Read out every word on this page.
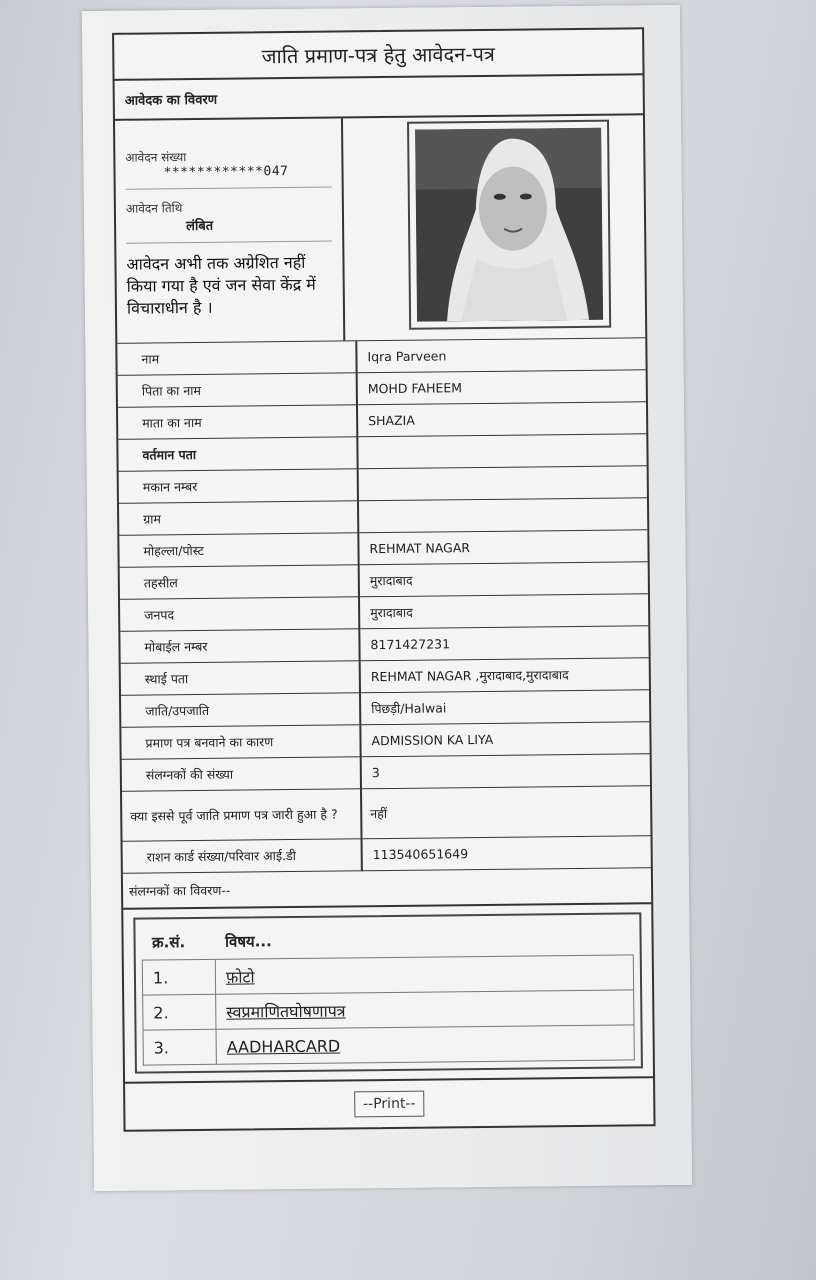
जाति प्रमाण-पत्र हेतु आवेदन-पत्र
आवेदक का विवरण
आवेदन संख्या
************047
आवेदन तिथि
लंबित
आवेदन अभी तक अग्रेशित नहीं किया गया है एवं जन सेवा केंद्र में विचाराधीन है ।
नाम	Iqra Parveen
पिता का नाम	MOHD FAHEEM
माता का नाम	SHAZIA
वर्तमान पता
मकान नम्बर
ग्राम
मोहल्ला/पोस्ट	REHMAT NAGAR
तहसील	मुरादाबाद
जनपद	मुरादाबाद
मोबाईल नम्बर	8171427231
स्थाई पता	REHMAT NAGAR ,मुरादाबाद,मुरादाबाद
जाति/उपजाति	पिछड़ी/Halwai
प्रमाण पत्र बनवाने का कारण	ADMISSION KA LIYA
संलग्नकों की संख्या	3
क्या इससे पूर्व जाति प्रमाण पत्र जारी हुआ है ?	नहीं
राशन कार्ड संख्या/परिवार आई.डी	113540651649
संलग्नकों का विवरण--
क्र.सं.	विषय...
1.	फ़ोटो
2.	स्वप्रमाणितघोषणापत्र
3.	AADHARCARD
--Print--
